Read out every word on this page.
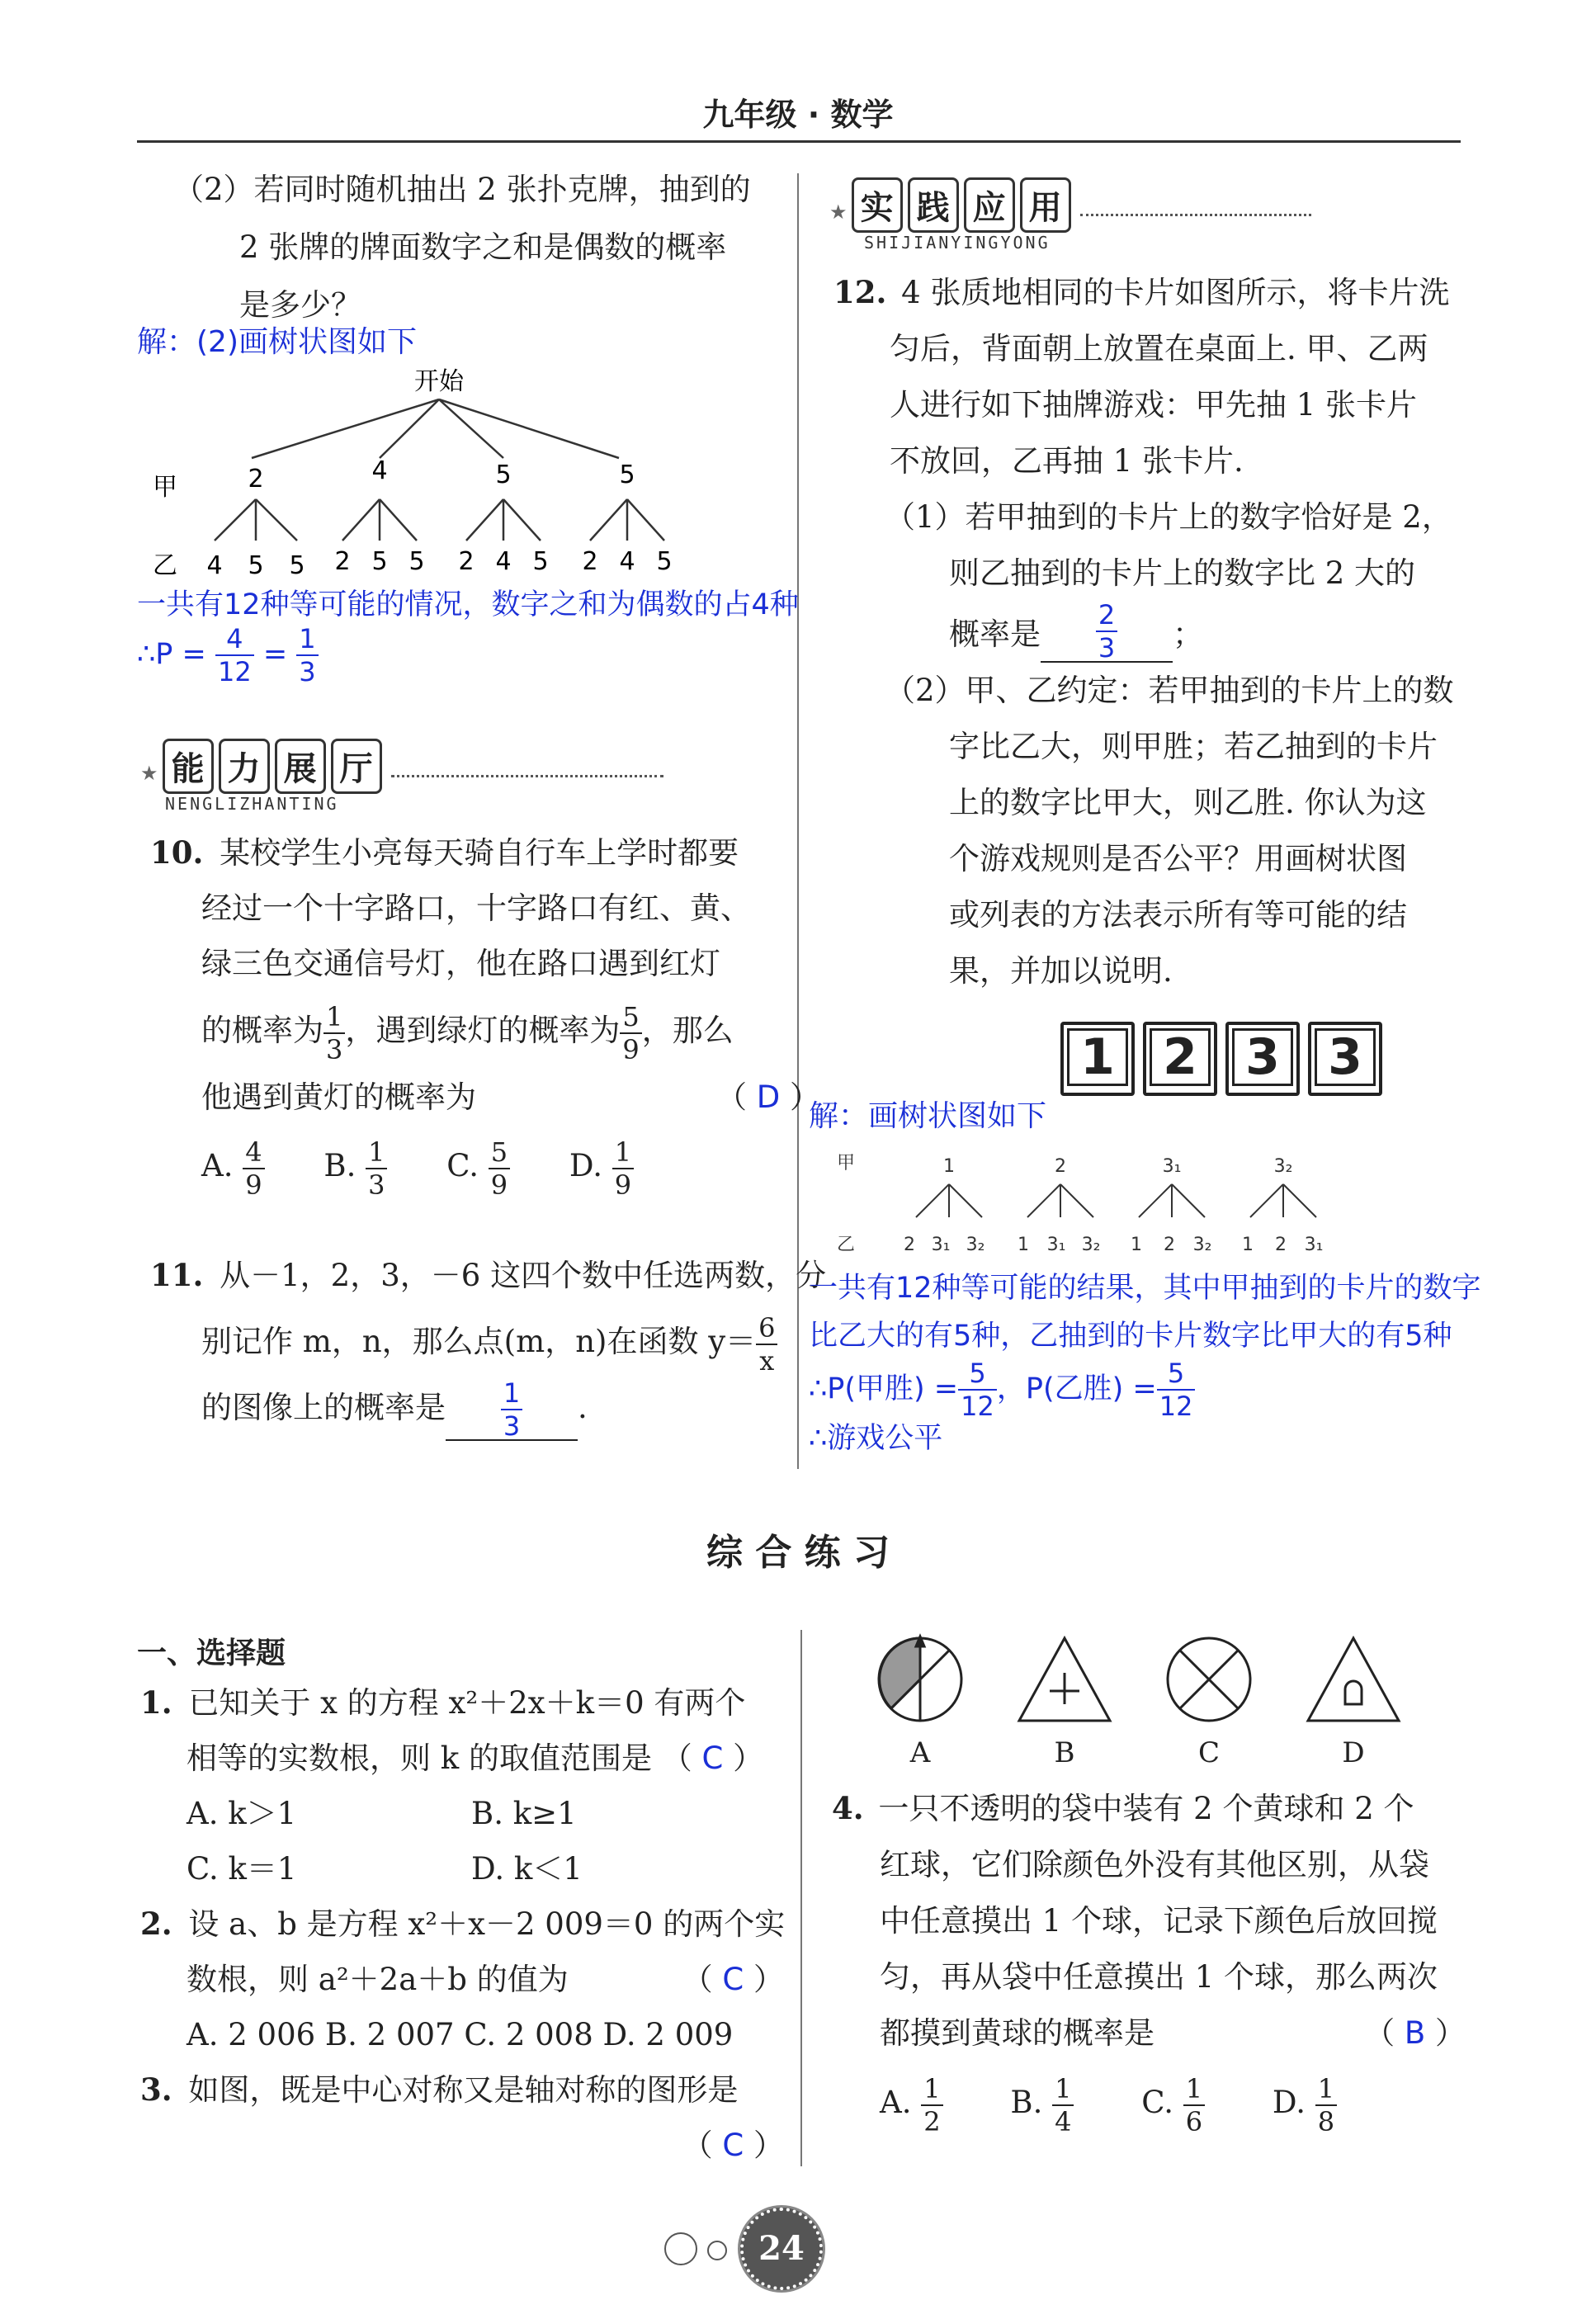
九年级 · 数学
（2）若同时随机抽出 2 张扑克牌，抽到的
2 张牌的牌面数字之和是偶数的概率
是多少？
解：(2)画树状图如下
开始
甲
乙
2	4	5	5
4 5 5 2 5 5 2 4 5 2 4 5
一共有12种等可能的情况，数字之和为偶数的占4种
∴P = $\frac{4}{12} = \frac{1}{3}$
★ 能 力 展 厅
NENGLIZHANTING
10. 某校学生小亮每天骑自行车上学时都要
经过一个十字路口，十字路口有红、黄、
绿三色交通信号灯，他在路口遇到红灯
的概率为 $\frac{1}{3}$ ，遇到绿灯的概率为 $\frac{5}{9}$ ，那么
他遇到黄灯的概率为	（ D ）
A. $\frac{4}{9} B$. $\frac{1}{3} C$. $\frac{5}{9} D$. $\frac{1}{9}$
11. 从－1，2，3，－6 这四个数中任选两数，分
别记作 m，n，那么点(m，n)在函数 $y= \frac{6}{x}$
的图像上的概率是 $\frac{1}{3}$ .
★ 实 践 应 用
SHIJIANYINGYONG
12. 4 张质地相同的卡片如图所示，将卡片洗
匀后，背面朝上放置在桌面上. 甲、乙两
人进行如下抽牌游戏：甲先抽 1 张卡片
不放回，乙再抽 1 张卡片.
（1）若甲抽到的卡片上的数字恰好是 2，
则乙抽到的卡片上的数字比 2 大的
概率是 $\frac{2}{3}$ ；
（2）甲、乙约定：若甲抽到的卡片上的数
字比乙大，则甲胜；若乙抽到的卡片
上的数字比甲大，则乙胜. 你认为这
个游戏规则是否公平？用画树状图
或列表的方法表示所有等可能的结
果，并加以说明.
1 2 3 3
解：画树状图如下
甲
乙
1	2	3₁	3₂
2 3₁ 3₂ 1 3₁ 3₂ 1 2 3₂ 1 2 3₁
一共有12种等可能的结果，其中甲抽到的卡片的数字
比乙大的有5种，乙抽到的卡片数字比甲大的有5种
∴P(甲胜) = $\frac{5}{12}$ ，P(乙胜) = $\frac{5}{12}$
∴游戏公平
综 合 练 习
一、选择题
1. 已知关于 x 的方程 x²＋2x＋k＝0 有两个
相等的实数根，则 k 的取值范围是 （ C ）
A. k＞1	B. k≥1
C. k＝1	D. k＜1
2. 设 a、b 是方程 x²＋x－2 009＝0 的两个实
数根，则 a²＋2a＋b 的值为	（ C ）
A. 2 006 B. 2 007 C. 2 008 D. 2 009
3. 如图，既是中心对称又是轴对称的图形是
（ C ）
A	B	C	D
4. 一只不透明的袋中装有 2 个黄球和 2 个
红球，它们除颜色外没有其他区别，从袋
中任意摸出 1 个球，记录下颜色后放回搅
匀，再从袋中任意摸出 1 个球，那么两次
都摸到黄球的概率是	（ B ）
A. $\frac{1}{2} B$. $\frac{1}{4} C$. $\frac{1}{6} D$. $\frac{1}{8}$
24
